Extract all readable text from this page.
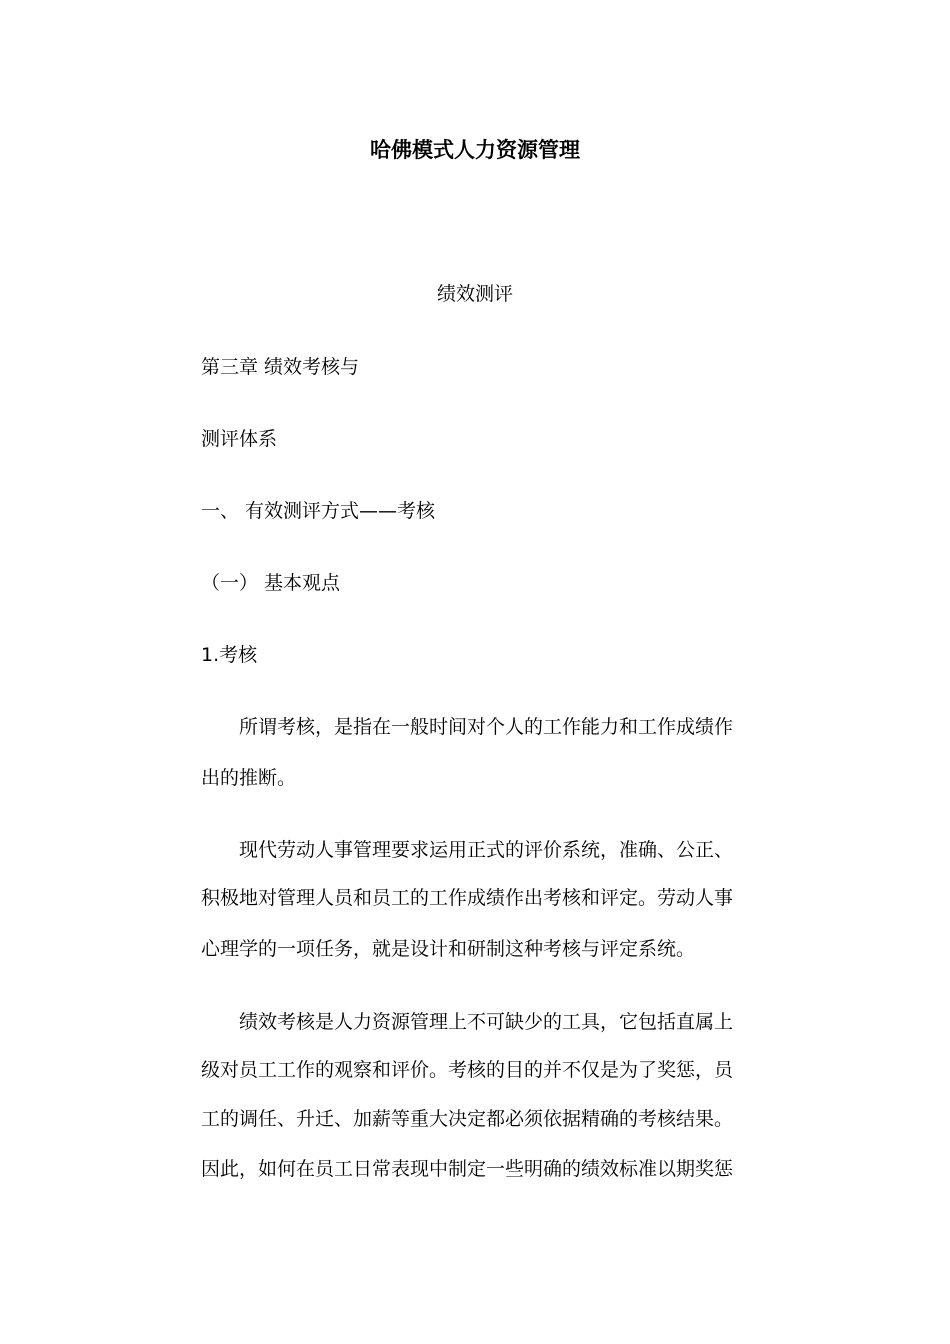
哈佛模式人力资源管理
绩效测评
第三章 绩效考核与
测评体系
一、 有效测评方式——考核
（一） 基本观点
1.考核
所谓考核，是指在一般时间对个人的工作能力和工作成绩作
出的推断。
现代劳动人事管理要求运用正式的评价系统，准确、公正、
积极地对管理人员和员工的工作成绩作出考核和评定。劳动人事
心理学的一项任务，就是设计和研制这种考核与评定系统。
绩效考核是人力资源管理上不可缺少的工具，它包括直属上
级对员工工作的观察和评价。考核的目的并不仅是为了奖惩，员
工的调任、升迁、加薪等重大决定都必须依据精确的考核结果。
因此，如何在员工日常表现中制定一些明确的绩效标准以期奖惩
